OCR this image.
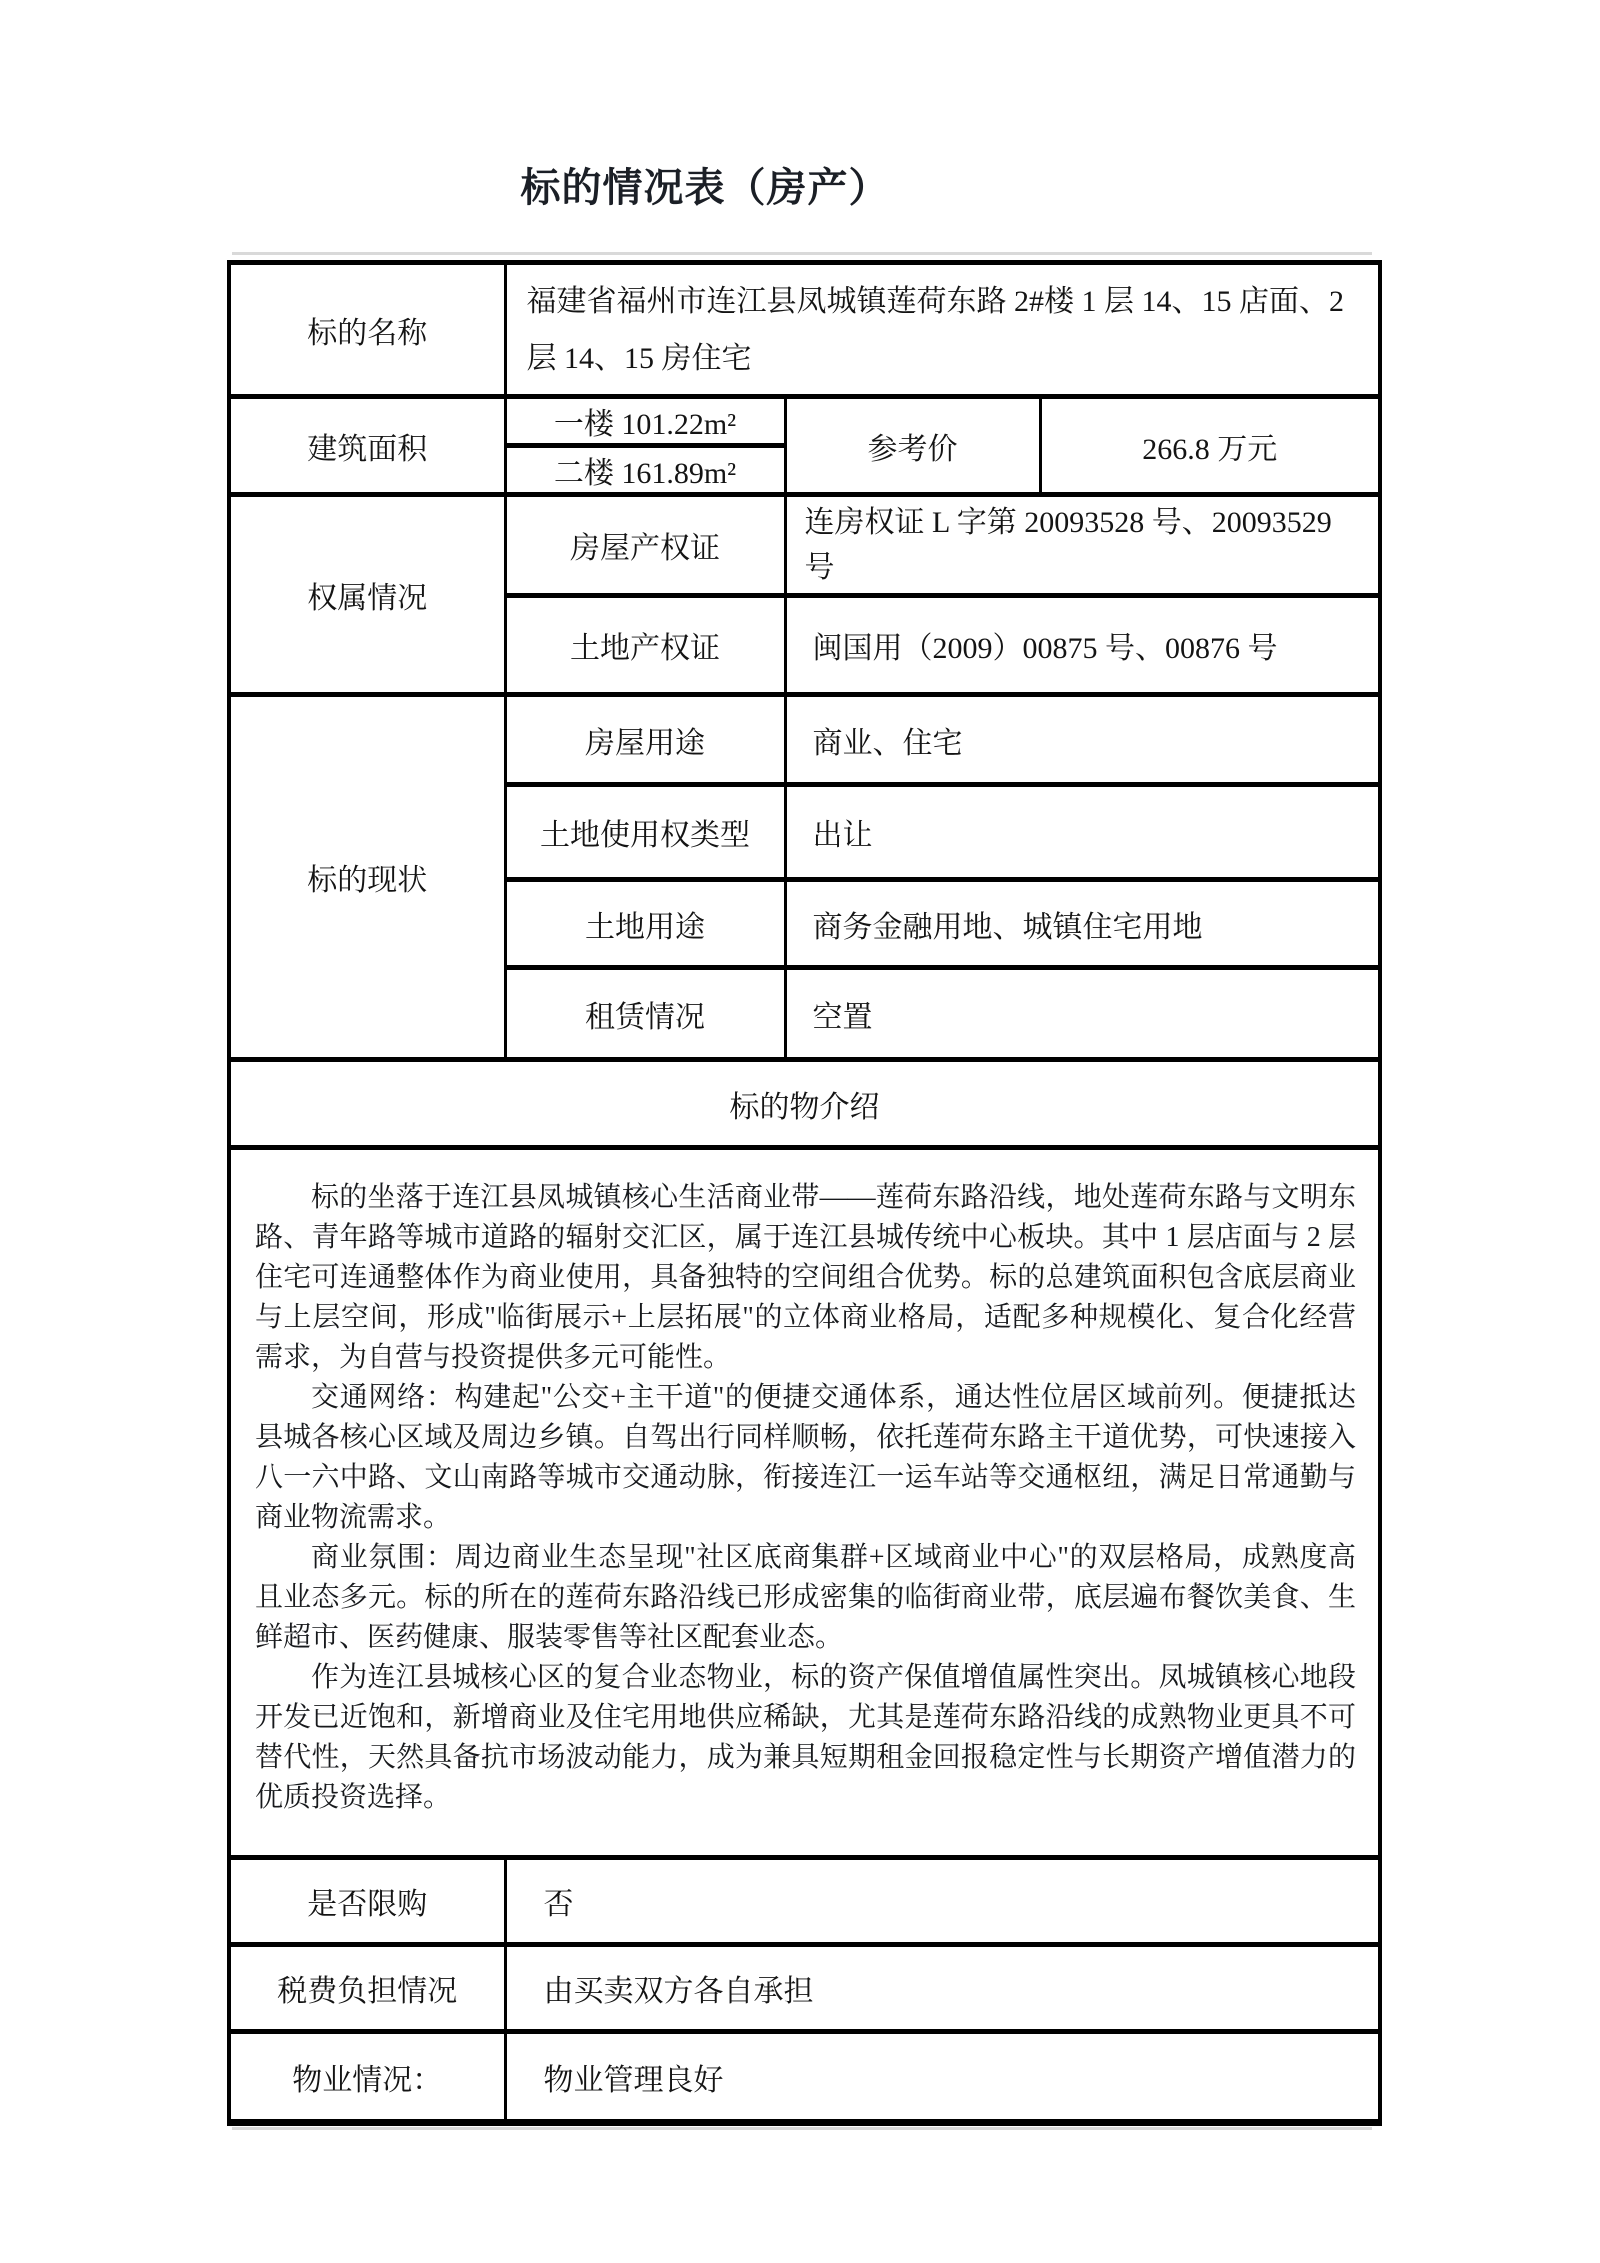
标的情况表（房产）
标的名称	福建省福州市连江县凤城镇莲荷东路 2#楼 1 层 14、15 店面、2 层 14、15 房住宅		
建筑面积	一楼 101.22m²	参考价	266.8 万元
	二楼 161.89m²		
权属情况	房屋产权证	连房权证 L 字第 20093528 号、20093529 号	
	土地产权证	闽国用（2009）00875 号、00876 号	
标的现状	房屋用途	商业、住宅	
	土地使用权类型	出让	
	土地用途	商务金融用地、城镇住宅用地	
	租赁情况	空置	
标的物介绍			

标的坐落于连江县凤城镇核心生活商业带——莲荷东路沿线，地处莲荷东路与文明东路、青年路等城市道路的辐射交汇区，属于连江县城传统中心板块。其中 1 层店面与 2 层住宅可连通整体作为商业使用，具备独特的空间组合优势。标的总建筑面积包含底层商业与上层空间，形成"临街展示+上层拓展"的立体商业格局，适配多种规模化、复合化经营需求，为自营与投资提供多元可能性。

交通网络：构建起"公交+主干道"的便捷交通体系，通达性位居区域前列。便捷抵达县城各核心区域及周边乡镇。自驾出行同样顺畅，依托莲荷东路主干道优势，可快速接入八一六中路、文山南路等城市交通动脉，衔接连江一运车站等交通枢纽，满足日常通勤与商业物流需求。

商业氛围：周边商业生态呈现"社区底商集群+区域商业中心"的双层格局，成熟度高且业态多元。标的所在的莲荷东路沿线已形成密集的临街商业带，底层遍布餐饮美食、生鲜超市、医药健康、服装零售等社区配套业态。

作为连江县城核心区的复合业态物业，标的资产保值增值属性突出。凤城镇核心地段开发已近饱和，新增商业及住宅用地供应稀缺，尤其是莲荷东路沿线的成熟物业更具不可替代性，天然具备抗市场波动能力，成为兼具短期租金回报稳定性与长期资产增值潜力的优质投资选择。			

是否限购	否		
税费负担情况	由买卖双方各自承担		
物业情况：	物业管理良好		
